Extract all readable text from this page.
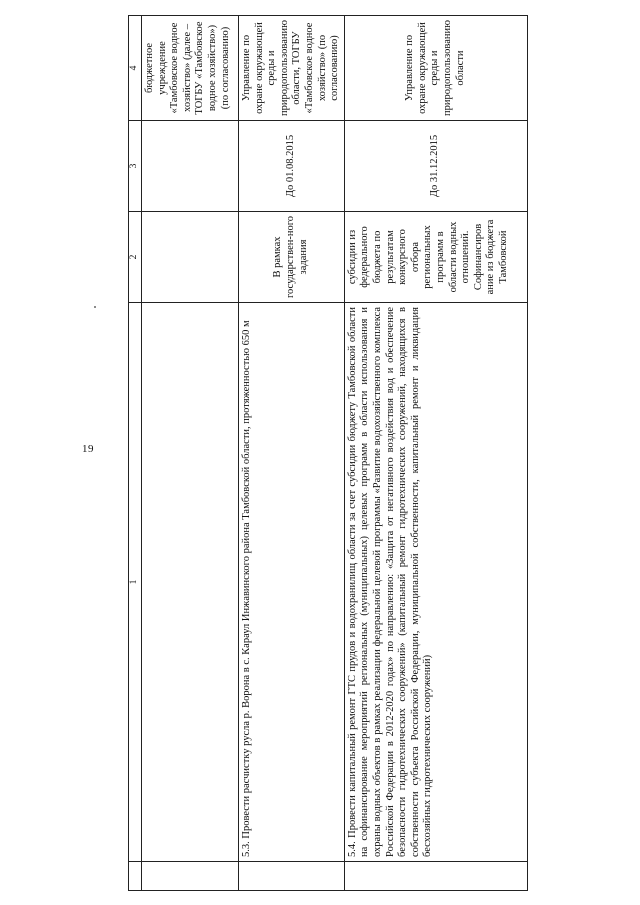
19
	1	2	3	4
				бюджетное учреждение «Тамбовское водное хозяйство» (далее – ТОГБУ «Тамбовское водное хозяйство») (по согласованию)
	5.3. Провести расчистку русла р. Ворона в с. Караул Инжавинского района Тамбовской области, протяженностью 650 м	В рамках государствен-ного задания	До 01.08.2015	Управление по охране окружающей среды и природопользованию области, ТОГБУ «Тамбовское водное хозяйство» (по согласованию)
	5.4. Провести капитальный ремонт ГТС прудов и водохранилищ области за счет субсидии бюджету Тамбовской области на софинансирование мероприятий региональных (муниципальных) целевых программ в области использования и охраны водных объектов в рамках реализации федеральной целевой программы «Развитие водохозяйственного комплекса Российской Федерации в 2012-2020 годах» по направлению: «Защита от негативного воздействия вод и обеспечение безопасности гидротехнических сооружений» (капитальный ремонт гидротехнических сооружений, находящихся в собственности субъекта Российской Федерации, муниципальной собственности, капитальный ремонт и ликвидация бесхозяйных гидротехнических сооружений)	субсидии из федерального бюджета по результатам конкурсного отбора региональных программ в области водных отношений. Софинансиров ание из бюджета Тамбовской	До 31.12.2015	Управление по охране окружающей среды и природопользованию области
